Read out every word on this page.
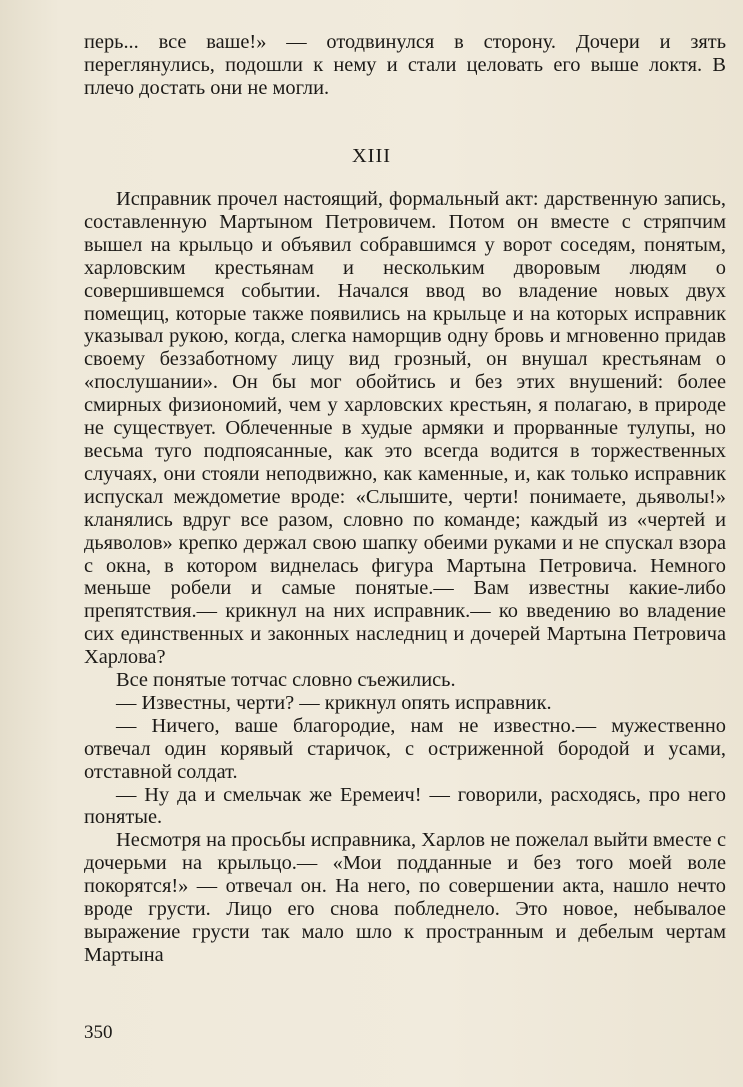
перь... все ваше!» — отодвинулся в сторону. Дочери и зять переглянулись, подошли к нему и стали целовать его выше локтя. В плечо достать они не могли.

XIII

Исправник прочел настоящий, формальный акт: дарственную запись, составленную Мартыном Петровичем. Потом он вместе с стряпчим вышел на крыльцо и объявил собравшимся у ворот соседям, понятым, харловским крестьянам и нескольким дворовым людям о совершившемся событии. Начался ввод во владение новых двух помещиц, которые также появились на крыльце и на которых исправник указывал рукою, когда, слегка наморщив одну бровь и мгновенно придав своему беззаботному лицу вид грозный, он внушал крестьянам о «послушании». Он бы мог обойтись и без этих внушений: более смирных физиономий, чем у харловских крестьян, я полагаю, в природе не существует. Облеченные в худые армяки и прорванные тулупы, но весьма туго подпоясанные, как это всегда водится в торжественных случаях, они стояли неподвижно, как каменные, и, как только исправник испускал междометие вроде: «Слышите, черти! понимаете, дьяволы!» кланялись вдруг все разом, словно по команде; каждый из «чертей и дьяволов» крепко держал свою шапку обеими руками и не спускал взора с окна, в котором виднелась фигура Мартына Петровича. Немного меньше робели и самые понятые.— Вам известны какие-либо препятствия.— крикнул на них исправник.— ко введению во владение сих единственных и законных наследниц и дочерей Мартына Петровича Харлова?

Все понятые тотчас словно съежились.

— Известны, черти? — крикнул опять исправник.

— Ничего, ваше благородие, нам не известно.— мужественно отвечал один корявый старичок, с остриженной бородой и усами, отставной солдат.

— Ну да и смельчак же Еремеич! — говорили, расходясь, про него понятые.

Несмотря на просьбы исправника, Харлов не пожелал выйти вместе с дочерьми на крыльцо.— «Мои подданные и без того моей воле покорятся!» — отвечал он. На него, по совершении акта, нашло нечто вроде грусти. Лицо его снова побледнело. Это новое, небывалое выражение грусти так мало шло к пространным и дебелым чертам Мартына

350
